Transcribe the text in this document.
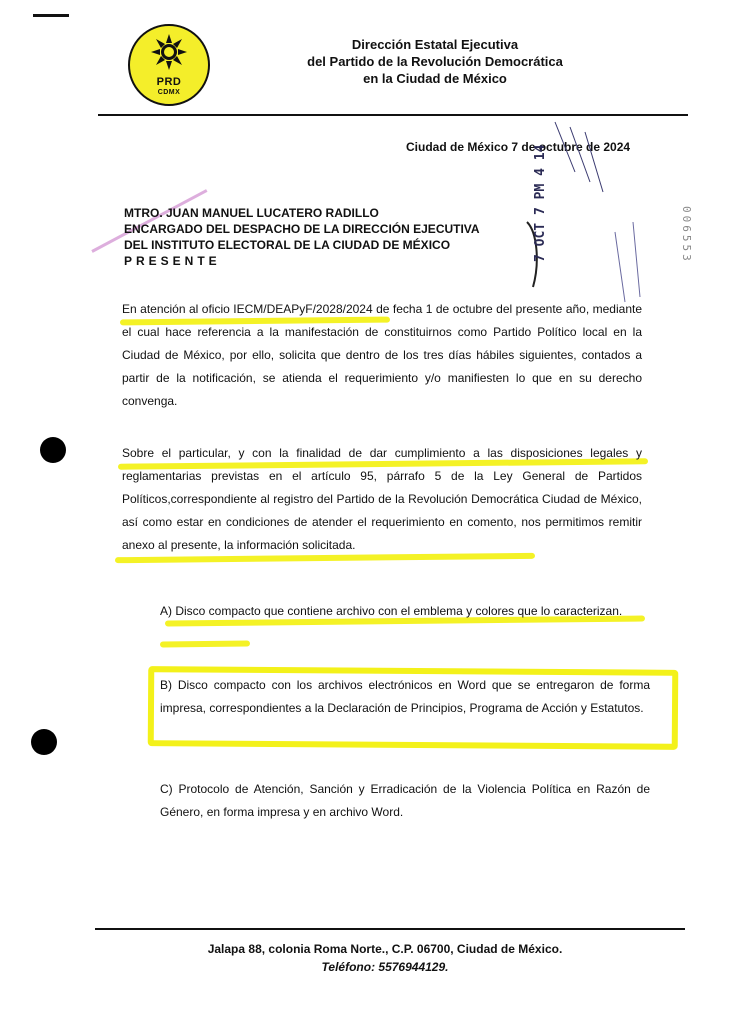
PRD
CDMX
Dirección Estatal Ejecutiva
del Partido de la Revolución Democrática
en la Ciudad de México
Ciudad de México 7 de octubre de 2024
7 OCT 7 PM 4 14	006553
MTRO. JUAN MANUEL LUCATERO RADILLO
ENCARGADO DEL DESPACHO DE LA DIRECCIÓN EJECUTIVA
DEL INSTITUTO ELECTORAL DE LA CIUDAD DE MÉXICO
PRESENTE
En atención al oficio IECM/DEAPyF/2028/2024 de fecha 1 de octubre del presente año, mediante el cual hace referencia a la manifestación de constituirnos como Partido Político local en la Ciudad de México, por ello, solicita que dentro de los tres días hábiles siguientes, contados a partir de la notificación, se atienda el requerimiento y/o manifiesten lo que en su derecho convenga.
Sobre el particular, y con la finalidad de dar cumplimiento a las disposiciones legales y reglamentarias previstas en el artículo 95, párrafo 5 de la Ley General de Partidos Políticos,correspondiente al registro del Partido de la Revolución Democrática Ciudad de México, así como estar en condiciones de atender el requerimiento en comento, nos permitimos remitir anexo al presente, la información solicitada.
A) Disco compacto que contiene archivo con el emblema y colores que lo caracterizan.
B) Disco compacto con los archivos electrónicos en Word que se entregaron de forma impresa, correspondientes a la Declaración de Principios, Programa de Acción y Estatutos.
C) Protocolo de Atención, Sanción y Erradicación de la Violencia Política en Razón de Género, en forma impresa y en archivo Word.
Jalapa 88, colonia Roma Norte., C.P. 06700, Ciudad de México.
Teléfono: 5576944129.
